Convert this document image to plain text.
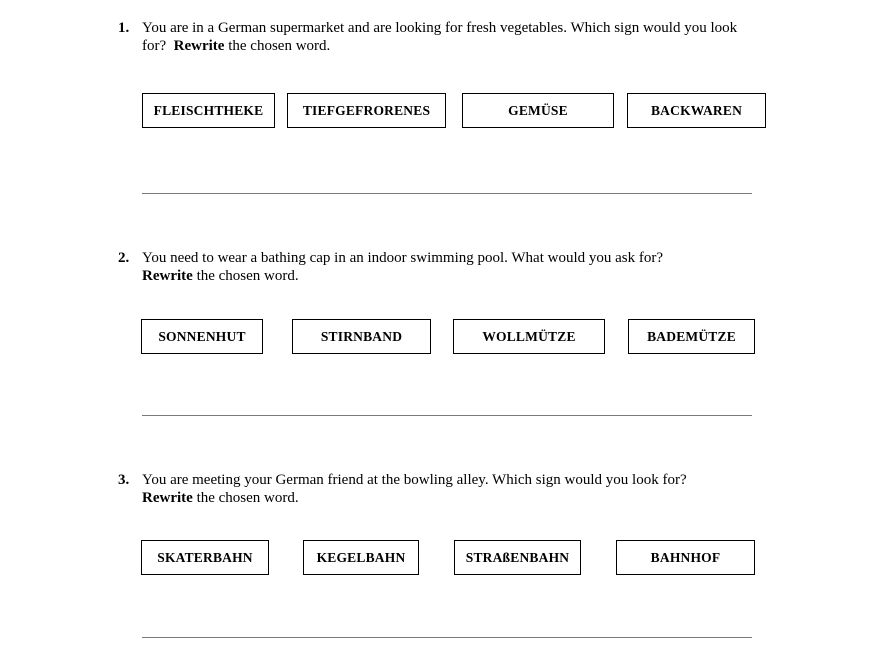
1. You are in a German supermarket and are looking for fresh vegetables. Which sign would you look
for?  Rewrite the chosen word.
FLEISCHTHEKE	TIEFGEFRORENES	GEMÜSE	BACKWAREN
2. You need to wear a bathing cap in an indoor swimming pool. What would you ask for?
Rewrite the chosen word.
SONNENHUT	STIRNBAND	WOLLMÜTZE	BADEMÜTZE
3. You are meeting your German friend at the bowling alley. Which sign would you look for?
Rewrite the chosen word.
SKATERBAHN	KEGELBAHN	STRAßENBAHN	BAHNHOF
